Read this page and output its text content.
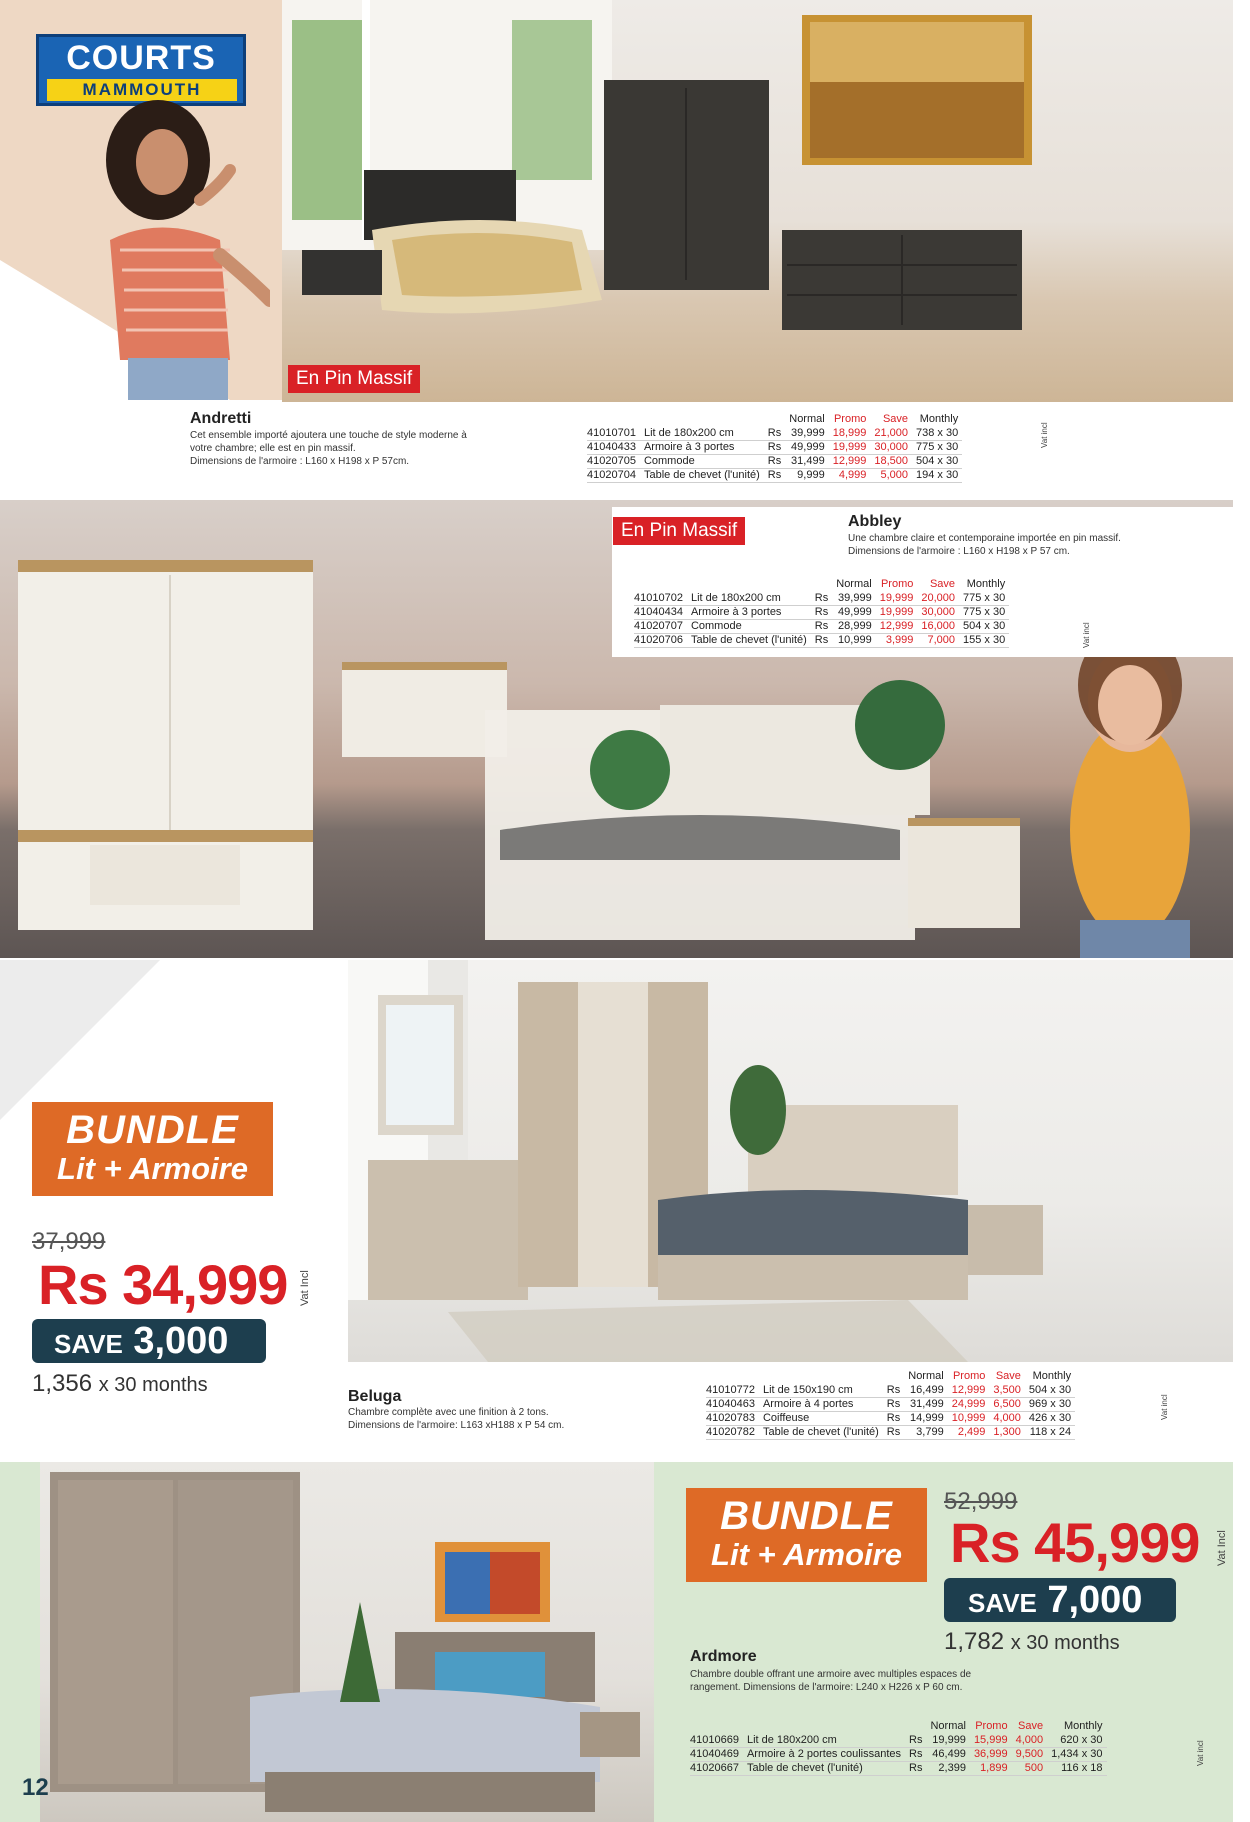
COURTS
MAMMOUTH
En Pin Massif
Andretti
Cet ensemble importé ajoutera une touche de style moderne à
votre chambre; elle est en pin massif.
Dimensions de l'armoire : L160 x H198 x P 57cm.
			Normal	Promo	Save	Monthly
41010701	Lit de 180x200 cm	Rs	39,999	18,999	21,000	738 x 30
41040433	Armoire à 3 portes	Rs	49,999	19,999	30,000	775 x 30
41020705	Commode	Rs	31,499	12,999	18,500	504 x 30
41020704	Table de chevet (l'unité)	Rs	9,999	4,999	5,000	194 x 30
Vat incl
En Pin Massif	Abbley
Une chambre claire et contemporaine importée en pin massif.
Dimensions de l'armoire : L160 x H198 x P 57 cm.
			Normal	Promo	Save	Monthly
41010702	Lit de 180x200 cm	Rs	39,999	19,999	20,000	775 x 30
41040434	Armoire à 3 portes	Rs	49,999	19,999	30,000	775 x 30
41020707	Commode	Rs	28,999	12,999	16,000	504 x 30
41020706	Table de chevet (l'unité)	Rs	10,999	3,999	7,000	155 x 30	Vat incl
BUNDLE
Lit + Armoire
37,999
Rs 34,999 Vat Incl
SAVE 3,000
1,356 x 30 months
Beluga
Chambre complète avec une finition à 2 tons.
Dimensions de l'armoire: L163 xH188 x P 54 cm.
			Normal	Promo	Save	Monthly
41010772	Lit de 150x190 cm	Rs	16,499	12,999	3,500	504 x 30
41040463	Armoire à 4 portes	Rs	31,499	24,999	6,500	969 x 30
41020783	Coiffeuse	Rs	14,999	10,999	4,000	426 x 30
41020782	Table de chevet (l'unité)	Rs	3,799	2,499	1,300	118 x 24
Vat incl
BUNDLE
Lit + Armoire
52,999
Rs 45,999 Vat Incl
SAVE 7,000
1,782 x 30 months
Ardmore
Chambre double offrant une armoire avec multiples espaces de
rangement. Dimensions de l'armoire: L240 x H226 x P 60 cm.
			Normal	Promo	Save	Monthly
41010669	Lit de 180x200 cm	Rs	19,999	15,999	4,000	620 x 30
41040469	Armoire à 2 portes coulissantes	Rs	46,499	36,999	9,500	1,434 x 30
41020667	Table de chevet (l'unité)	Rs	2,399	1,899	500	116 x 18
Vat incl
12
